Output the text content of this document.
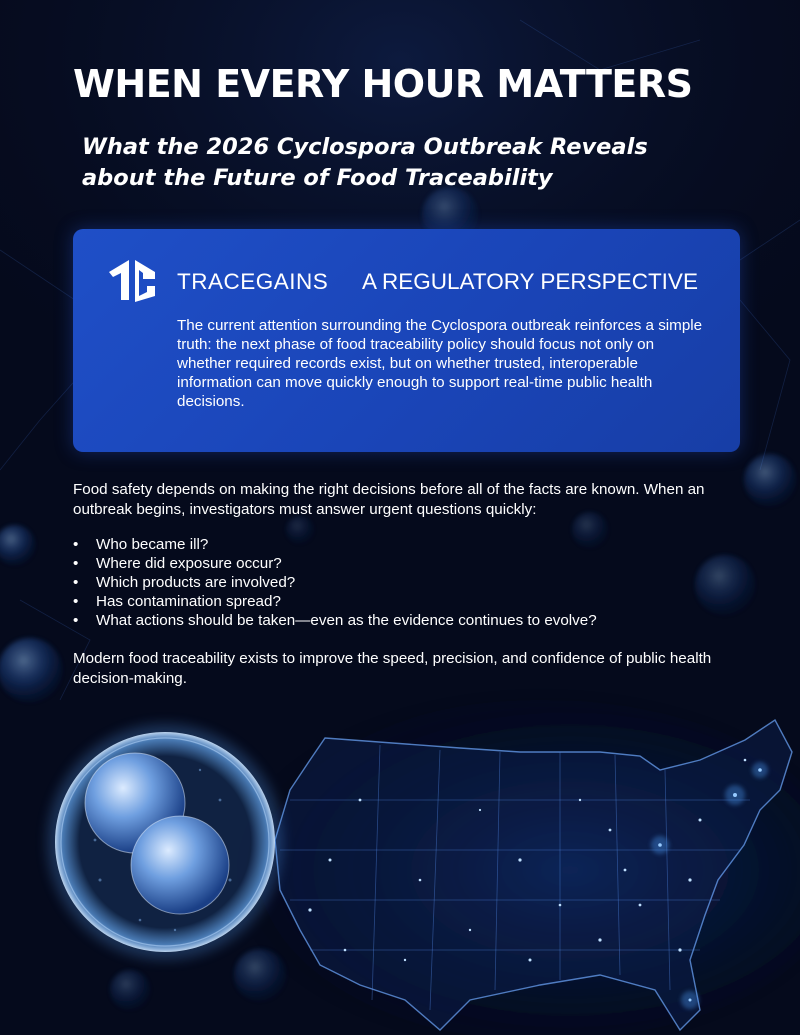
WHEN EVERY HOUR MATTERS
What the 2026 Cyclospora Outbreak Reveals about the Future of Food Traceability
TRACEGAINS A REGULATORY PERSPECTIVE

The current attention surrounding the Cyclospora outbreak reinforces a simple truth: the next phase of food traceability policy should focus not only on whether required records exist, but on whether trusted, interoperable information can move quickly enough to support real-time public health decisions.

Food safety depends on making the right decisions before all of the facts are known. When an outbreak begins, investigators must answer urgent questions quickly:

• Who became ill?
• Where did exposure occur?
• Which products are involved?
• Has contamination spread?
• What actions should be taken—even as the evidence continues to evolve?

Modern food traceability exists to improve the speed, precision, and confidence of public health decision-making.
